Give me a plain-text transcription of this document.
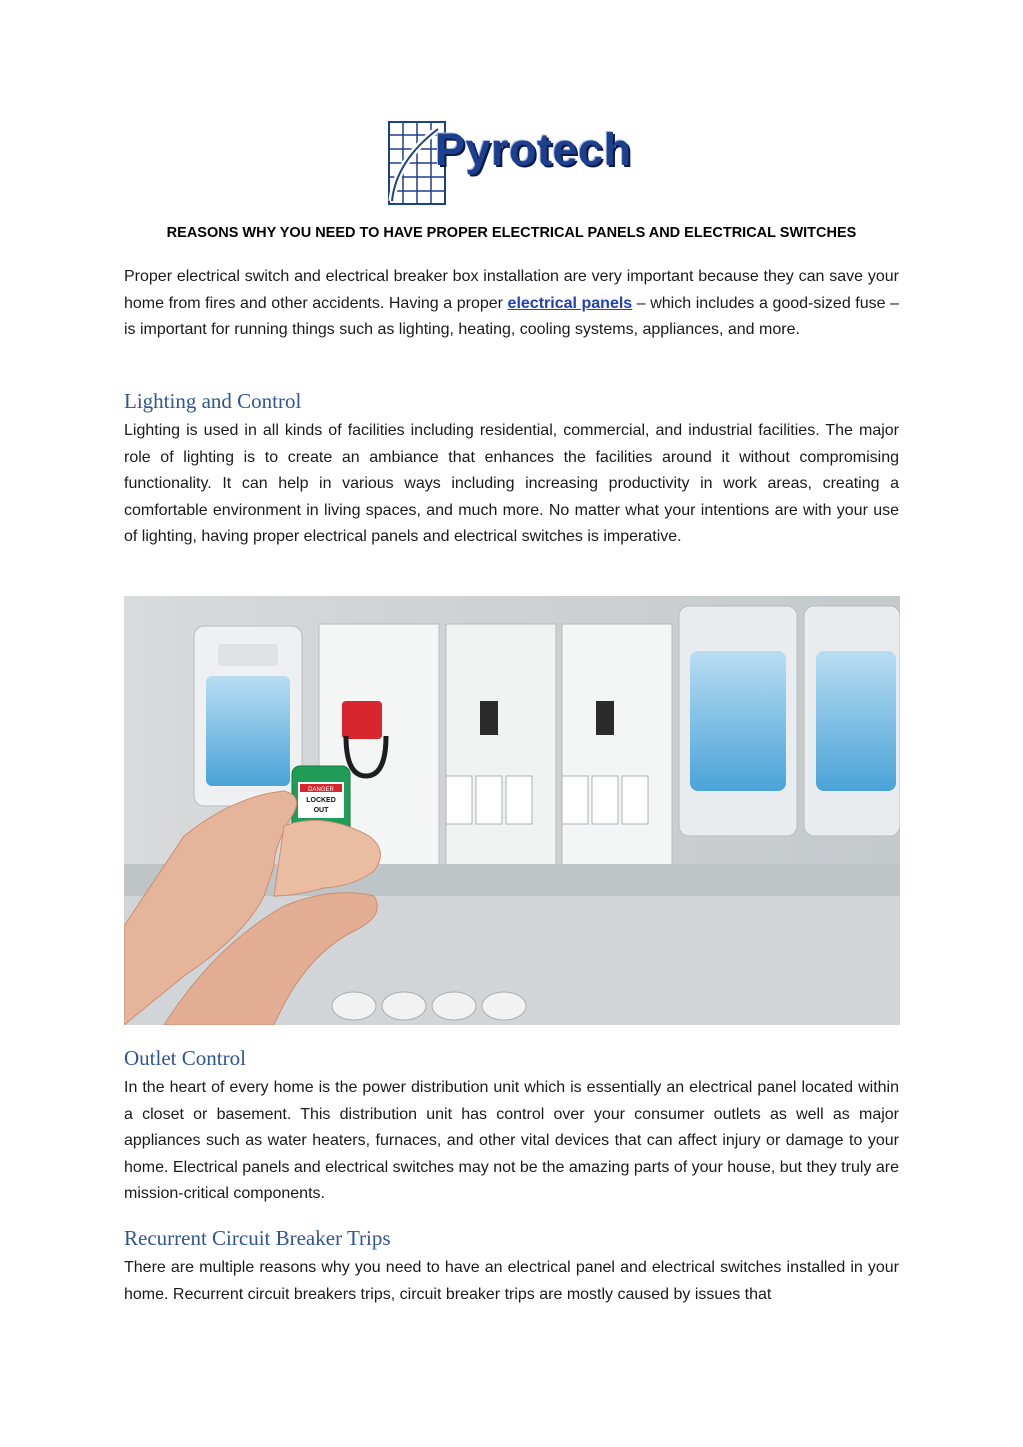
Pyrotech
REASONS WHY YOU NEED TO HAVE PROPER ELECTRICAL PANELS AND ELECTRICAL SWITCHES

Proper electrical switch and electrical breaker box installation are very important because they can save your home from fires and other accidents. Having a proper electrical panels – which includes a good-sized fuse – is important for running things such as lighting, heating, cooling systems, appliances, and more.

Lighting and Control

Lighting is used in all kinds of facilities including residential, commercial, and industrial facilities. The major role of lighting is to create an ambiance that enhances the facilities around it without compromising functionality. It can help in various ways including increasing productivity in work areas, creating a comfortable environment in living spaces, and much more. No matter what your intentions are with your use of lighting, having proper electrical panels and electrical switches is imperative.

DANGER
LOCKED
OUT
Outlet Control

In the heart of every home is the power distribution unit which is essentially an electrical panel located within a closet or basement. This distribution unit has control over your consumer outlets as well as major appliances such as water heaters, furnaces, and other vital devices that can affect injury or damage to your home. Electrical panels and electrical switches may not be the amazing parts of your house, but they truly are mission-critical components.

Recurrent Circuit Breaker Trips

There are multiple reasons why you need to have an electrical panel and electrical switches installed in your home. Recurrent circuit breakers trips, circuit breaker trips are mostly caused by issues that
